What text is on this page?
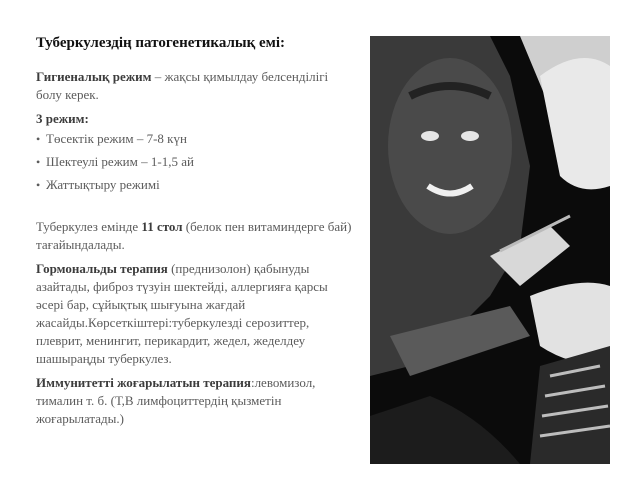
Туберкулездің патогенетикалық емі:

Гигиеналық режим – жақсы қимылдау белсенділігі болу керек.

3 режим:
• Төсектік режим – 7-8 күн
• Шектеулі режим – 1-1,5 ай
• Жаттықтыру режимі

Туберкулез емінде 11 стол (белок пен витаминдерге бай) тағайындалады.

Гормональды терапия (преднизолон) қабынуды азайтады, фиброз түзуін шектейді, аллергияға қарсы әсері бар, сұйықтық шығуына жағдай жасайды.Көрсеткіштері:туберкулезді серозиттер, плеврит, менингит, перикардит, жедел, жеделдеу шашыраңды туберкулез.

Иммунитетті жоғарылатын терапия:левомизол, тималин т. б. (Т,В лимфоциттердің қызметін жоғарылатады.)
